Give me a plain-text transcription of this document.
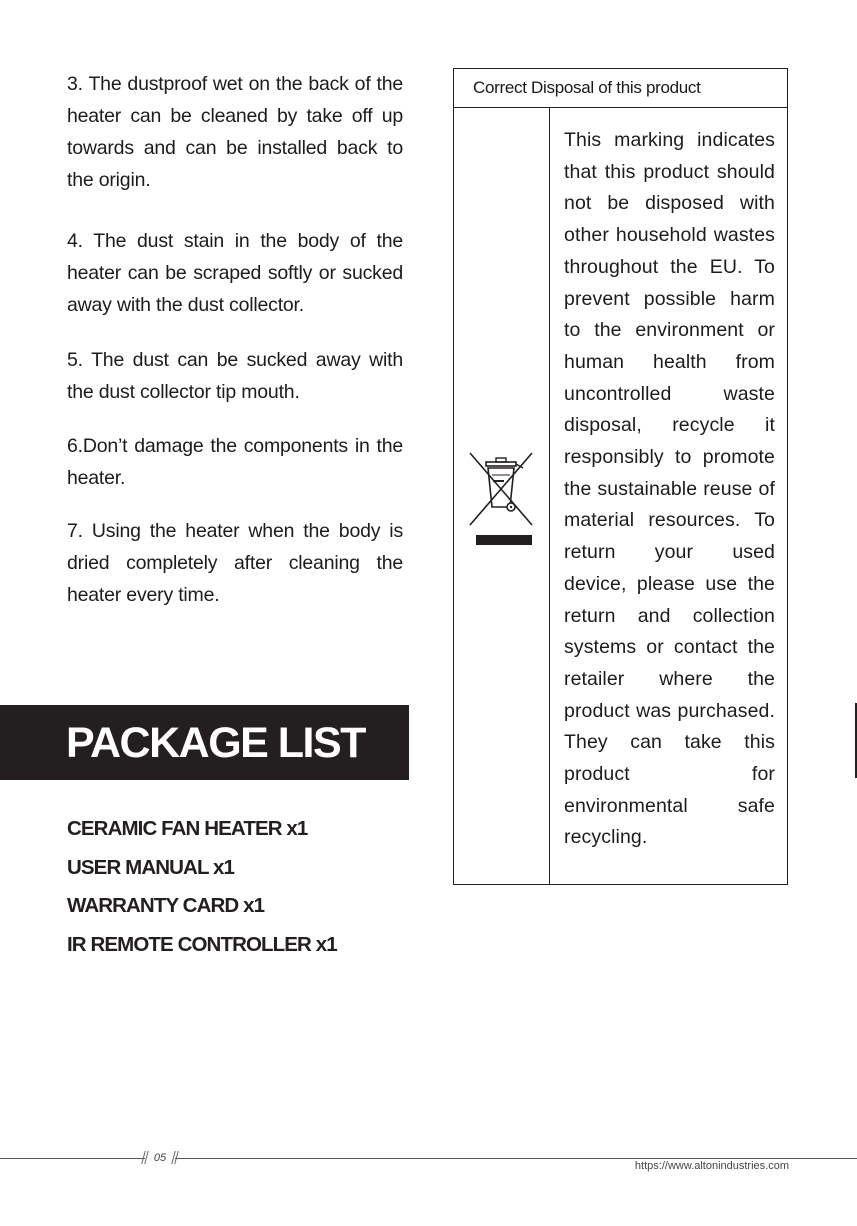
3. The dustproof wet on the back of the heater can be cleaned by take off up towards and can be installed back to the origin.

4. The dust stain in the body of the heater can be scraped softly or sucked away with the dust collector.

5. The dust can be sucked away with the dust collector tip mouth.

6.Don’t damage the components in the heater.

7. Using the heater when the body is dried completely after cleaning the heater every time.

PACKAGE LIST
CERAMIC FAN HEATER x1
USER MANUAL x1
WARRANTY CARD x1
IR REMOTE CONTROLLER x1
Correct Disposal of this product
This marking indicates that this product should not be disposed with other household wastes throughout the EU. To prevent possible harm to the environment or human health from uncontrolled waste disposal, recycle it responsibly to promote the sustainable reuse of material resources. To return your used device, please use the return and collection systems or contact the retailer where the product was purchased. They can take this product for environmental safe
recycling.
05
https://www.altonindustries.com
